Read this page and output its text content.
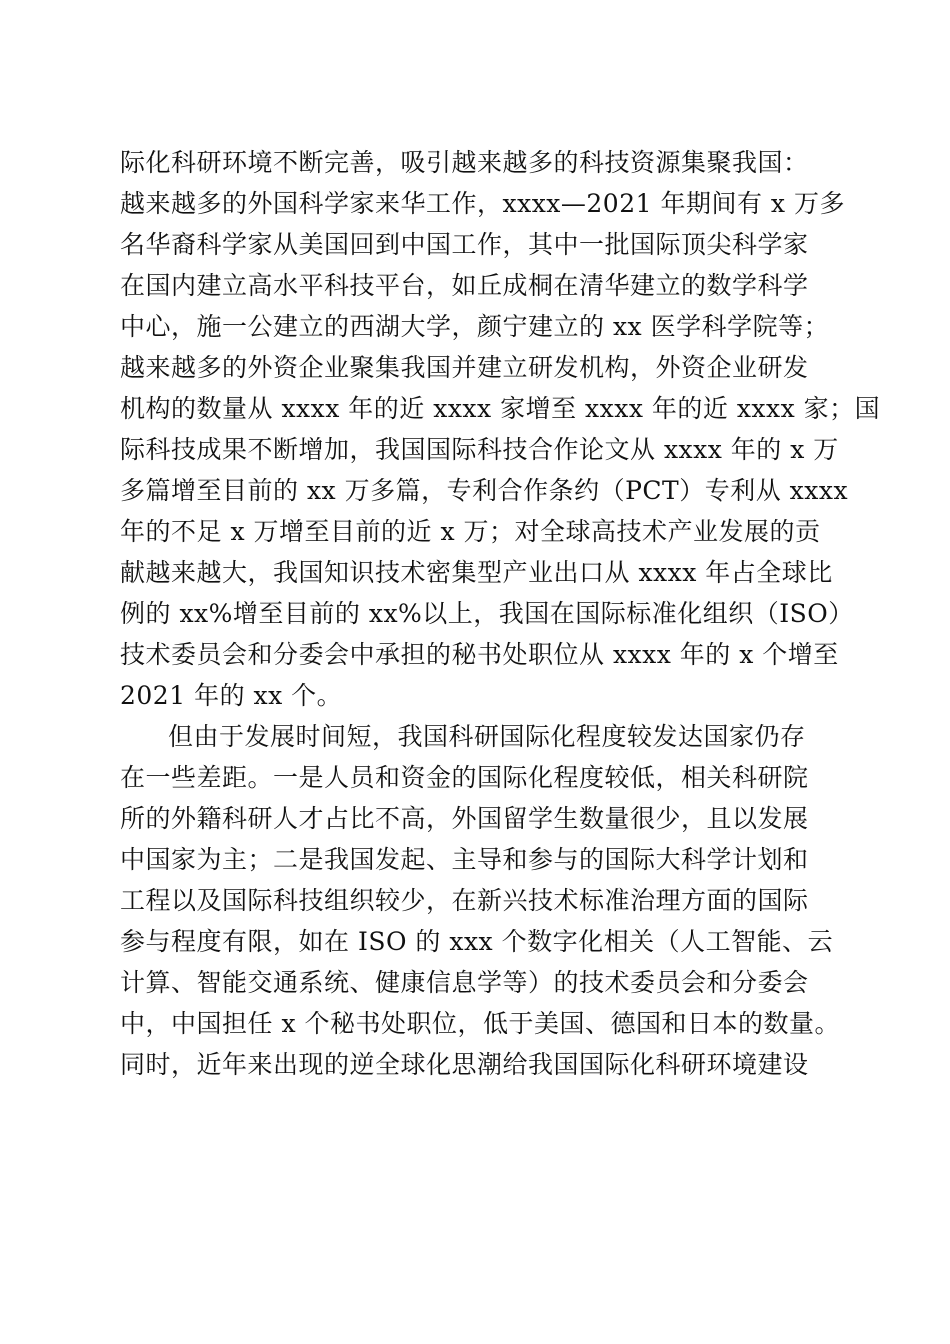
际化科研环境不断完善，吸引越来越多的科技资源集聚我国：
越来越多的外国科学家来华工作，xxxx—2021 年期间有 x 万多
名华裔科学家从美国回到中国工作，其中一批国际顶尖科学家
在国内建立高水平科技平台，如丘成桐在清华建立的数学科学
中心，施一公建立的西湖大学，颜宁建立的 xx 医学科学院等；
越来越多的外资企业聚集我国并建立研发机构，外资企业研发
机构的数量从 xxxx 年的近 xxxx 家增至 xxxx 年的近 xxxx 家；国
际科技成果不断增加，我国国际科技合作论文从 xxxx 年的 x 万
多篇增至目前的 xx 万多篇，专利合作条约（PCT）专利从 xxxx
年的不足 x 万增至目前的近 x 万；对全球高技术产业发展的贡
献越来越大，我国知识技术密集型产业出口从 xxxx 年占全球比
例的 xx%增至目前的 xx%以上，我国在国际标准化组织（ISO）
技术委员会和分委会中承担的秘书处职位从 xxxx 年的 x 个增至
2021 年的 xx 个。
但由于发展时间短，我国科研国际化程度较发达国家仍存
在一些差距。一是人员和资金的国际化程度较低，相关科研院
所的外籍科研人才占比不高，外国留学生数量很少，且以发展
中国家为主；二是我国发起、主导和参与的国际大科学计划和
工程以及国际科技组织较少，在新兴技术标准治理方面的国际
参与程度有限，如在 ISO 的 xxx 个数字化相关（人工智能、云
计算、智能交通系统、健康信息学等）的技术委员会和分委会
中，中国担任 x 个秘书处职位，低于美国、德国和日本的数量。
同时，近年来出现的逆全球化思潮给我国国际化科研环境建设
